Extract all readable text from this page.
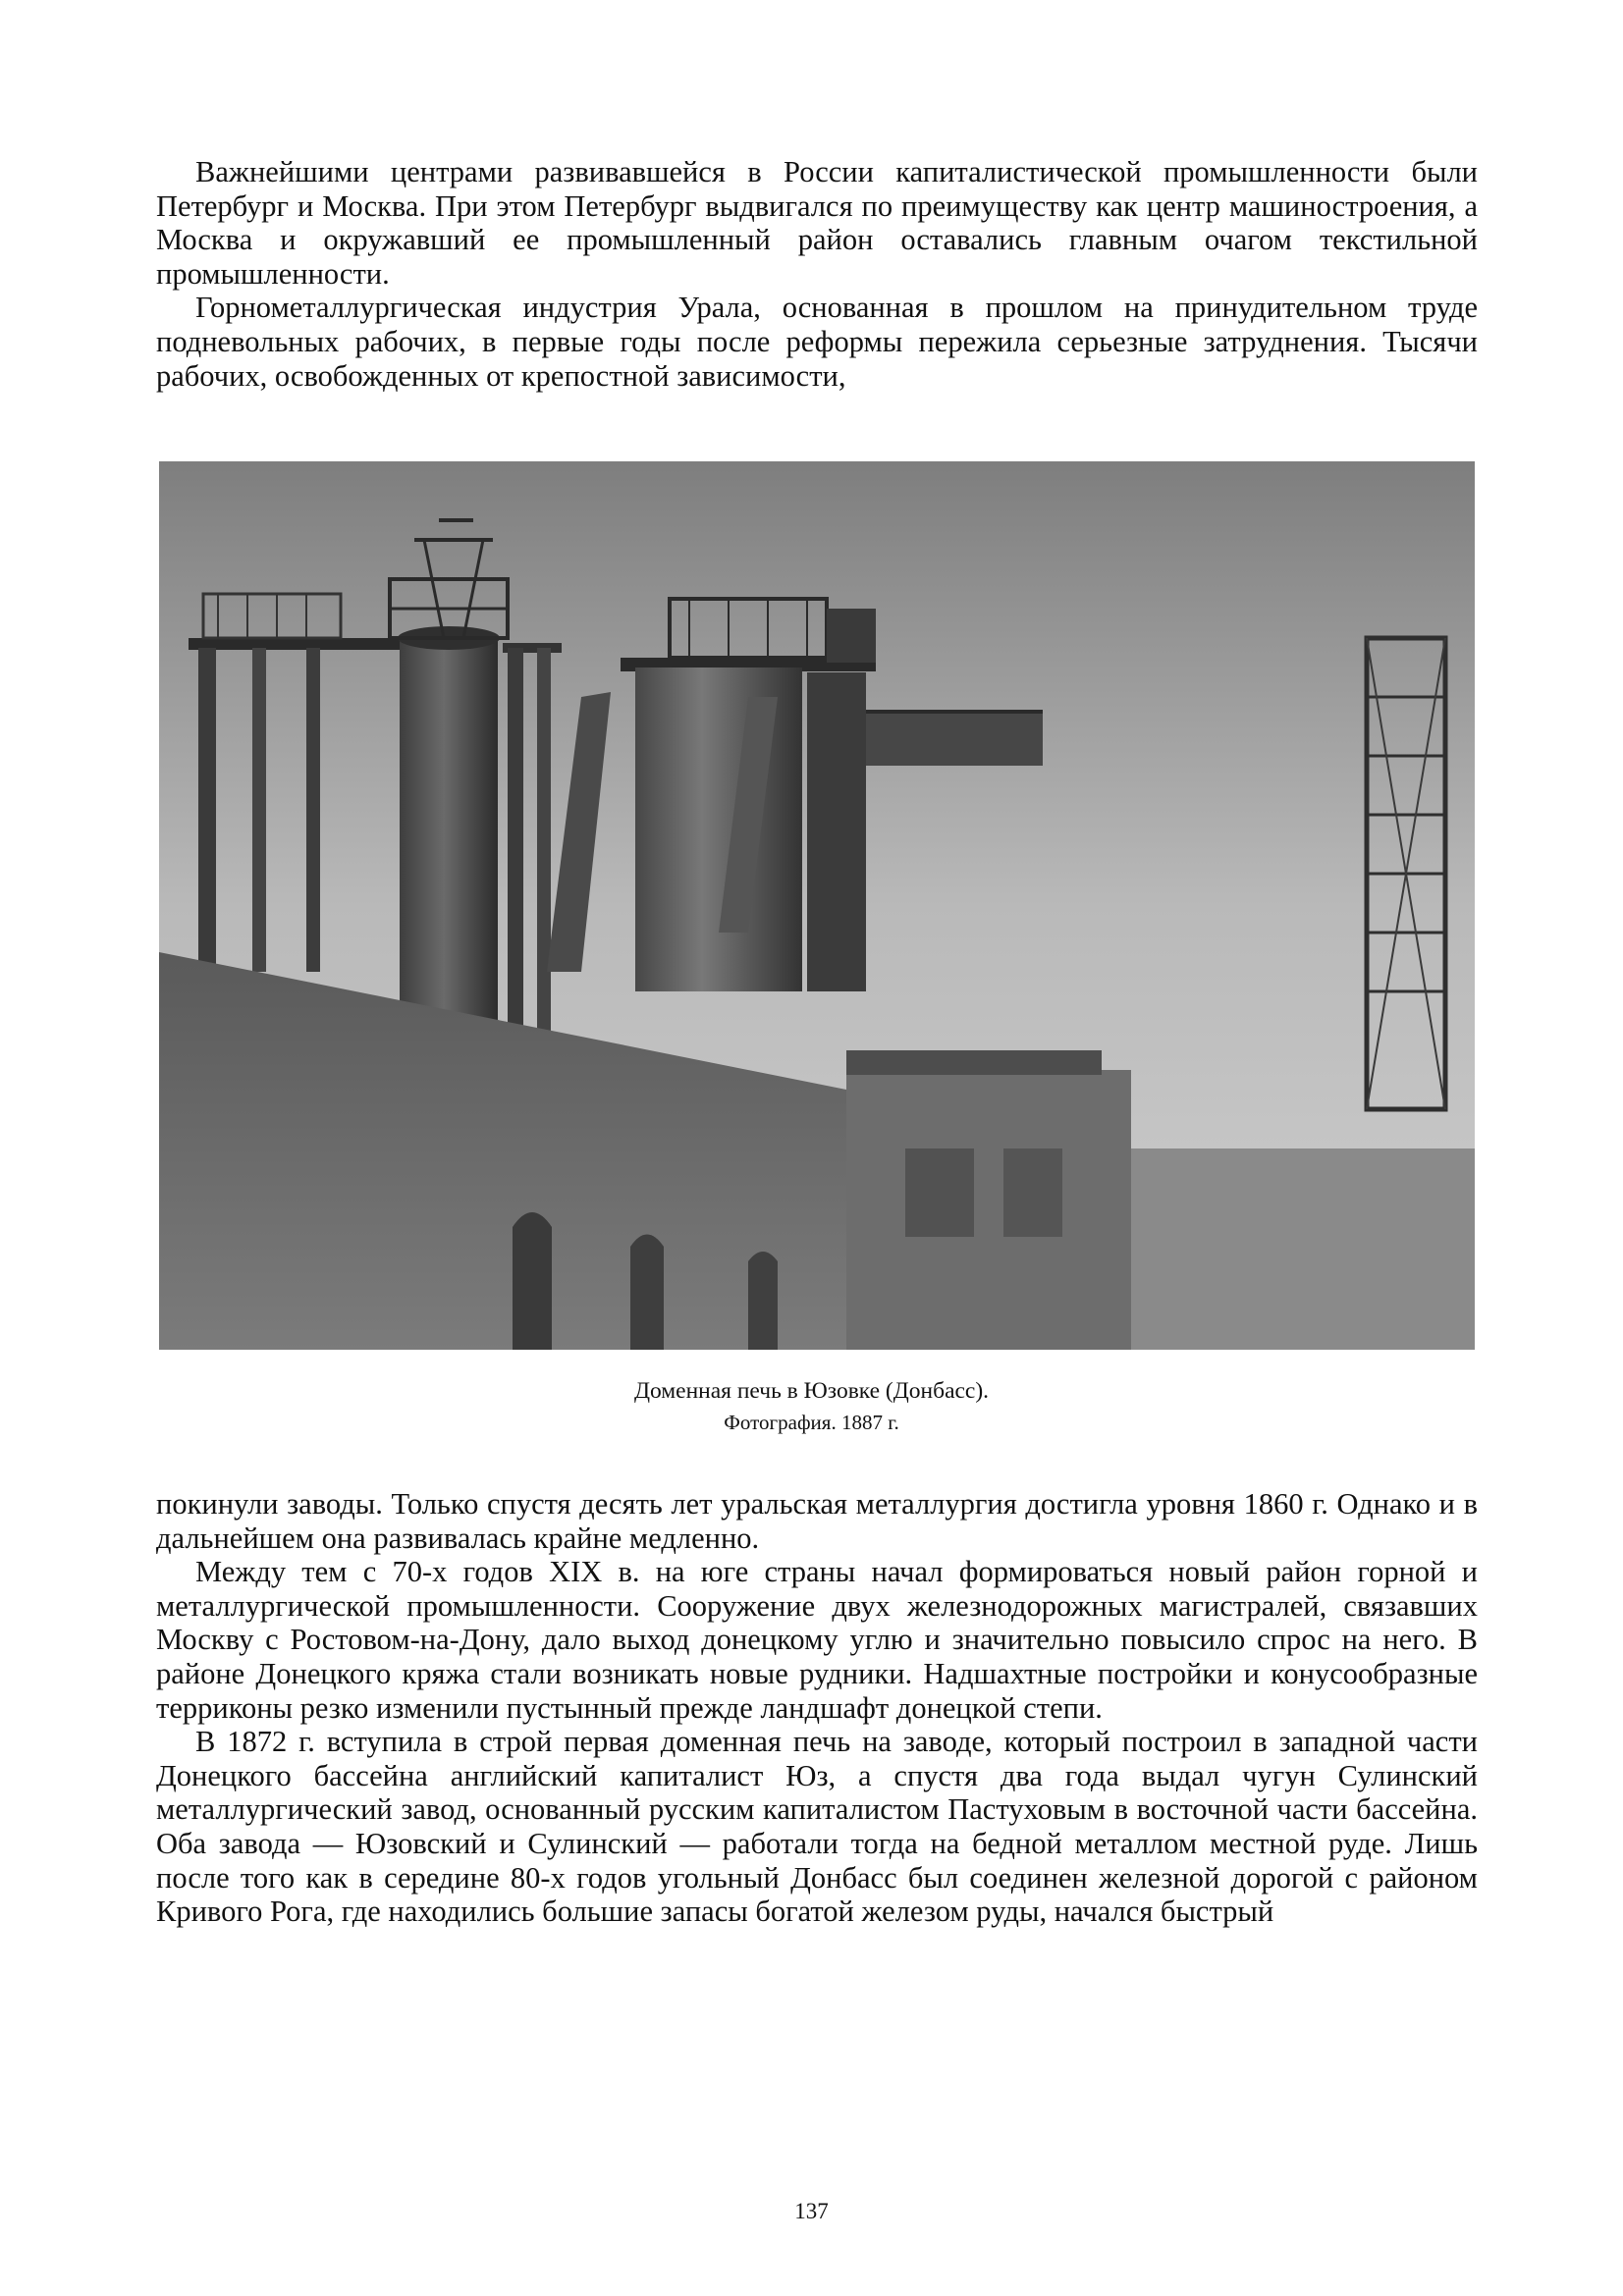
Важнейшими центрами развивавшейся в России капиталистической промышленности были Петербург и Москва. При этом Петербург выдвигался по преимуществу как центр машиностроения, а Москва и окружавший ее промышленный район оставались главным очагом текстильной промышленности.

Горнометаллургическая индустрия Урала, основанная в прошлом на принудительном труде подневольных рабочих, в первые годы после реформы пережила серьезные затруднения. Тысячи рабочих, освобожденных от крепостной зависимости,

Доменная печь в Юзовке (Донбасс).
Фотография. 1887 г.

покинули заводы. Только спустя десять лет уральская металлургия достигла уровня 1860 г. Однако и в дальнейшем она развивалась крайне медленно.

Между тем с 70-х годов XIX в. на юге страны начал формироваться новый район горной и металлургической промышленности. Сооружение двух железнодорожных магистралей, связавших Москву с Ростовом-на-Дону, дало выход донецкому углю и значительно повысило спрос на него. В районе Донецкого кряжа стали возникать новые рудники. Надшахтные постройки и конусообразные терриконы резко изменили пустынный прежде ландшафт донецкой степи.

В 1872 г. вступила в строй первая доменная печь на заводе, который построил в западной части Донецкого бассейна английский капиталист Юз, а спустя два года выдал чугун Сулинский металлургический завод, основанный русским капиталистом Пастуховым в восточной части бассейна. Оба завода — Юзовский и Сулинский — работали тогда на бедной металлом местной руде. Лишь после того как в середине 80-х годов угольный Донбасс был соединен железной дорогой с районом Кривого Рога, где находились большие запасы богатой железом руды, начался быстрый

137
